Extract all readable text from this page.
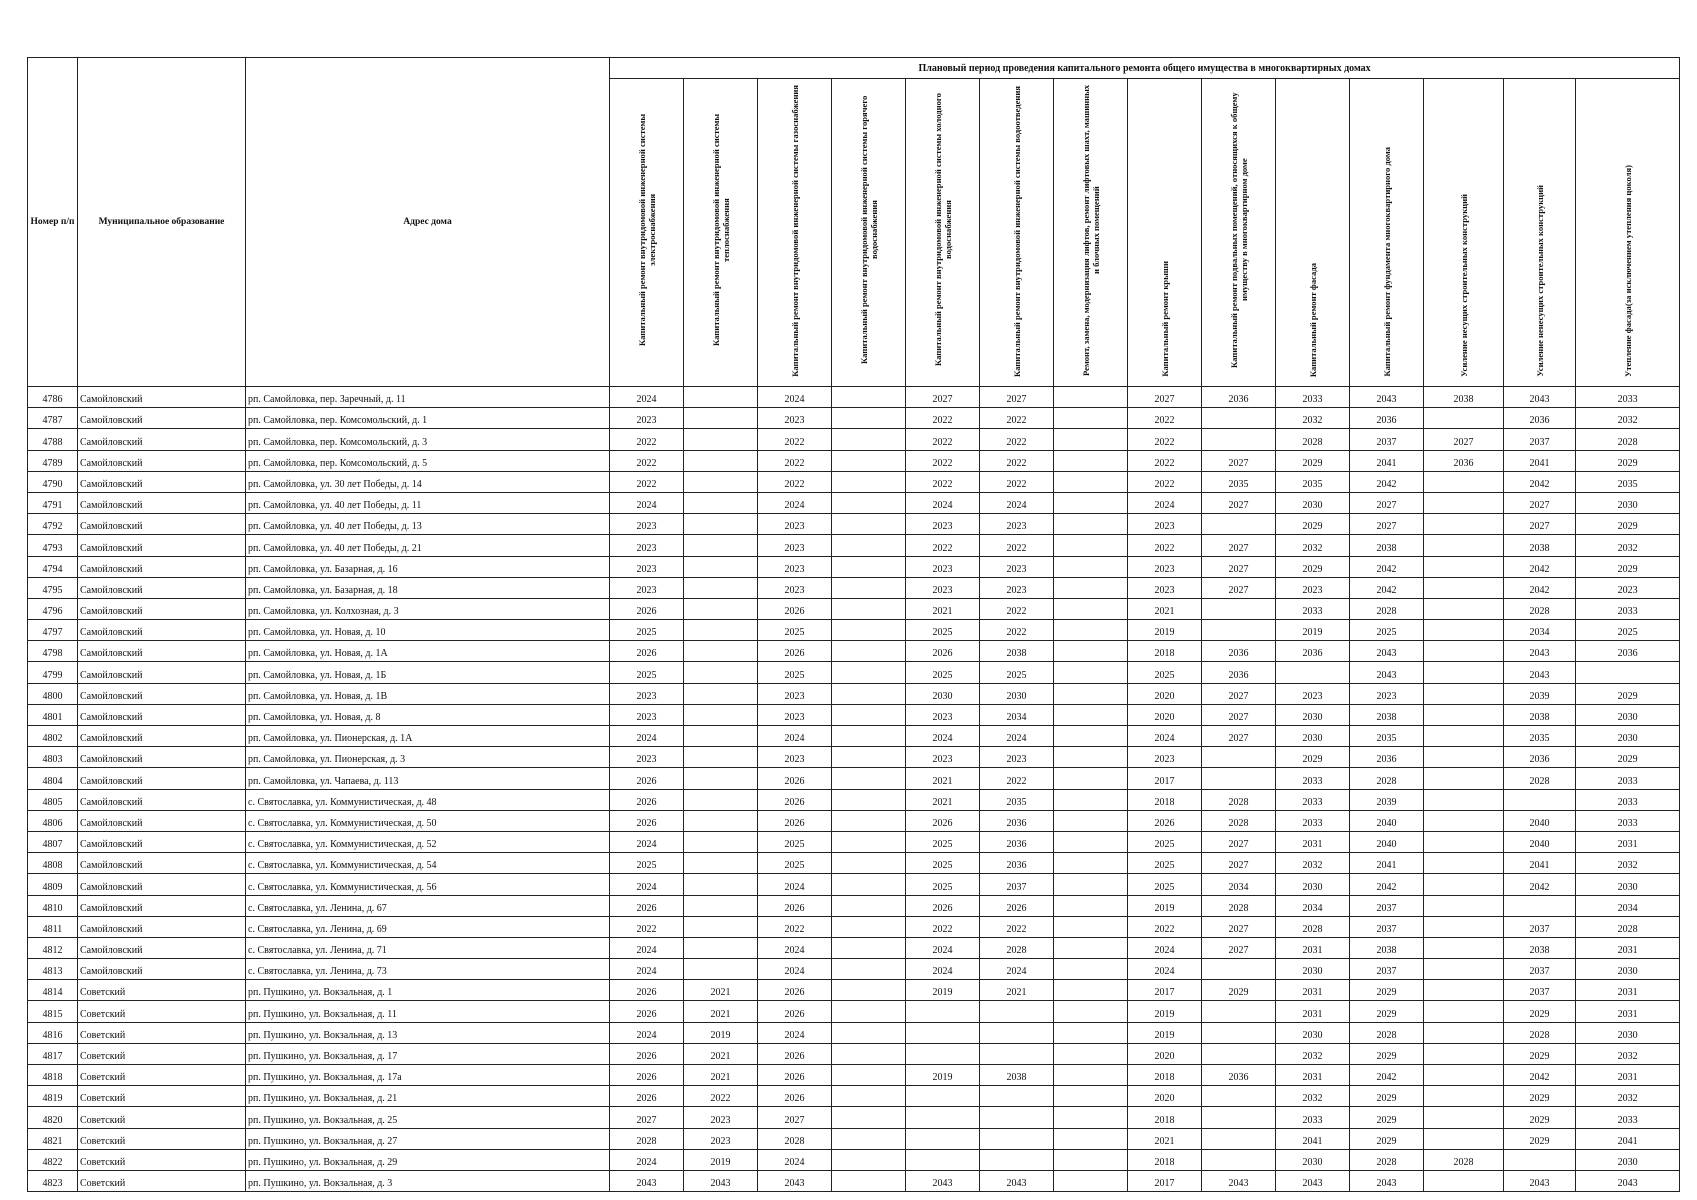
Номер п/п	Муниципальное образование	Адрес дома	Плановый период проведения капитального ремонта общего имущества в многоквартирных домах													
			Капитальный ремонт внутридомовой инженерной системы электроснабжения	Капитальный ремонт внутридомовой инженерной системы теплоснабжения	Капитальный ремонт внутридомовой инженерной системы газоснабжения	Капитальный ремонт внутридомовой инженерной системы горячего водоснабжения	Капитальный ремонт внутридомовой инженерной системы холодного водоснабжения	Капитальный ремонт внутридомовой инженерной системы водоотведения	Ремонт, замена, модернизация лифтов, ремонт лифтовых шахт, машинных и блочных помещений	Капитальный ремонт крыши	Капитальный ремонт подвальных помещений, относящихся к общему имуществу в многоквартирном доме	Капитальный ремонт фасада	Капитальный ремонт фундамента многоквартирного дома	Усиление несущих строительных конструкций	Усиление ненесущих строительных конструкций	Утепление фасада(за исключением утепления цоколя)
4786	Самойловский	рп. Самойловка, пер. Заречный, д. 11	2024		2024		2027	2027		2027	2036	2033	2043	2038	2043	2033
4787	Самойловский	рп. Самойловка, пер. Комсомольский, д. 1	2023		2023		2022	2022		2022		2032	2036		2036	2032
4788	Самойловский	рп. Самойловка, пер. Комсомольский, д. 3	2022		2022		2022	2022		2022		2028	2037	2027	2037	2028
4789	Самойловский	рп. Самойловка, пер. Комсомольский, д. 5	2022		2022		2022	2022		2022	2027	2029	2041	2036	2041	2029
4790	Самойловский	рп. Самойловка, ул. 30 лет Победы, д. 14	2022		2022		2022	2022		2022	2035	2035	2042		2042	2035
4791	Самойловский	рп. Самойловка, ул. 40 лет Победы, д. 11	2024		2024		2024	2024		2024	2027	2030	2027		2027	2030
4792	Самойловский	рп. Самойловка, ул. 40 лет Победы, д. 13	2023		2023		2023	2023		2023		2029	2027		2027	2029
4793	Самойловский	рп. Самойловка, ул. 40 лет Победы, д. 21	2023		2023		2022	2022		2022	2027	2032	2038		2038	2032
4794	Самойловский	рп. Самойловка, ул. Базарная, д. 16	2023		2023		2023	2023		2023	2027	2029	2042		2042	2029
4795	Самойловский	рп. Самойловка, ул. Базарная, д. 18	2023		2023		2023	2023		2023	2027	2023	2042		2042	2023
4796	Самойловский	рп. Самойловка, ул. Колхозная, д. 3	2026		2026		2021	2022		2021		2033	2028		2028	2033
4797	Самойловский	рп. Самойловка, ул. Новая, д. 10	2025		2025		2025	2022		2019		2019	2025		2034	2025
4798	Самойловский	рп. Самойловка, ул. Новая, д. 1А	2026		2026		2026	2038		2018	2036	2036	2043		2043	2036
4799	Самойловский	рп. Самойловка, ул. Новая, д. 1Б	2025		2025		2025	2025		2025	2036		2043		2043	
4800	Самойловский	рп. Самойловка, ул. Новая, д. 1В	2023		2023		2030	2030		2020	2027	2023	2023		2039	2029
4801	Самойловский	рп. Самойловка, ул. Новая, д. 8	2023		2023		2023	2034		2020	2027	2030	2038		2038	2030
4802	Самойловский	рп. Самойловка, ул. Пионерская, д. 1А	2024		2024		2024	2024		2024	2027	2030	2035		2035	2030
4803	Самойловский	рп. Самойловка, ул. Пионерская, д. 3	2023		2023		2023	2023		2023		2029	2036		2036	2029
4804	Самойловский	рп. Самойловка, ул. Чапаева, д. 113	2026		2026		2021	2022		2017		2033	2028		2028	2033
4805	Самойловский	с. Святославка, ул. Коммунистическая, д. 48	2026		2026		2021	2035		2018	2028	2033	2039			2033
4806	Самойловский	с. Святославка, ул. Коммунистическая, д. 50	2026		2026		2026	2036		2026	2028	2033	2040		2040	2033
4807	Самойловский	с. Святославка, ул. Коммунистическая, д. 52	2024		2025		2025	2036		2025	2027	2031	2040		2040	2031
4808	Самойловский	с. Святославка, ул. Коммунистическая, д. 54	2025		2025		2025	2036		2025	2027	2032	2041		2041	2032
4809	Самойловский	с. Святославка, ул. Коммунистическая, д. 56	2024		2024		2025	2037		2025	2034	2030	2042		2042	2030
4810	Самойловский	с. Святославка, ул. Ленина, д. 67	2026		2026		2026	2026		2019	2028	2034	2037			2034
4811	Самойловский	с. Святославка, ул. Ленина, д. 69	2022		2022		2022	2022		2022	2027	2028	2037		2037	2028
4812	Самойловский	с. Святославка, ул. Ленина, д. 71	2024		2024		2024	2028		2024	2027	2031	2038		2038	2031
4813	Самойловский	с. Святославка, ул. Ленина, д. 73	2024		2024		2024	2024		2024		2030	2037		2037	2030
4814	Советский	рп. Пушкино, ул. Вокзальная, д. 1	2026	2021	2026		2019	2021		2017	2029	2031	2029		2037	2031
4815	Советский	рп. Пушкино, ул. Вокзальная, д. 11	2026	2021	2026					2019		2031	2029		2029	2031
4816	Советский	рп. Пушкино, ул. Вокзальная, д. 13	2024	2019	2024					2019		2030	2028		2028	2030
4817	Советский	рп. Пушкино, ул. Вокзальная, д. 17	2026	2021	2026					2020		2032	2029		2029	2032
4818	Советский	рп. Пушкино, ул. Вокзальная, д. 17а	2026	2021	2026		2019	2038		2018	2036	2031	2042		2042	2031
4819	Советский	рп. Пушкино, ул. Вокзальная, д. 21	2026	2022	2026					2020		2032	2029		2029	2032
4820	Советский	рп. Пушкино, ул. Вокзальная, д. 25	2027	2023	2027					2018		2033	2029		2029	2033
4821	Советский	рп. Пушкино, ул. Вокзальная, д. 27	2028	2023	2028					2021		2041	2029		2029	2041
4822	Советский	рп. Пушкино, ул. Вокзальная, д. 29	2024	2019	2024					2018		2030	2028	2028		2030
4823	Советский	рп. Пушкино, ул. Вокзальная, д. 3	2043	2043	2043		2043	2043		2017	2043	2043	2043		2043	2043
